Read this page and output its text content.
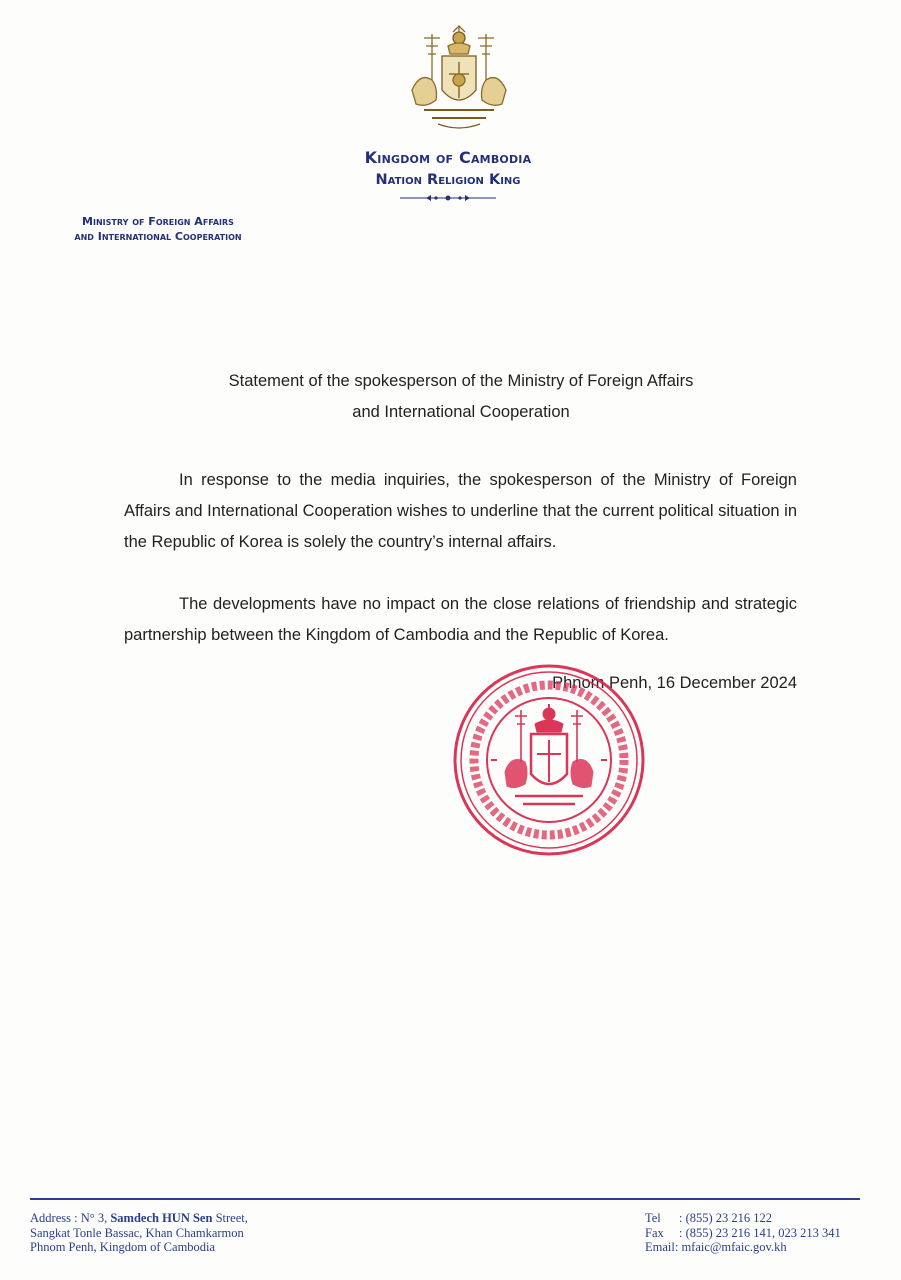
Kingdom of Cambodia
Nation Religion King
Ministry of Foreign Affairs
and International Cooperation
Statement of the spokesperson of the Ministry of Foreign Affairs
and International Cooperation
In response to the media inquiries, the spokesperson of the Ministry of Foreign Affairs and International Cooperation wishes to underline that the current political situation in the Republic of Korea is solely the country’s internal affairs.
The developments have no impact on the close relations of friendship and strategic partnership between the Kingdom of Cambodia and the Republic of Korea.
Phnom Penh, 16 December 2024
Address : N° 3, Samdech HUN Sen Street,
Sangkat Tonle Bassac, Khan Chamkarmon
Phnom Penh, Kingdom of Cambodia
Tel	: (855) 23 216 122
Fax	: (855) 23 216 141, 023 213 341
Email : mfaic@mfaic.gov.kh
